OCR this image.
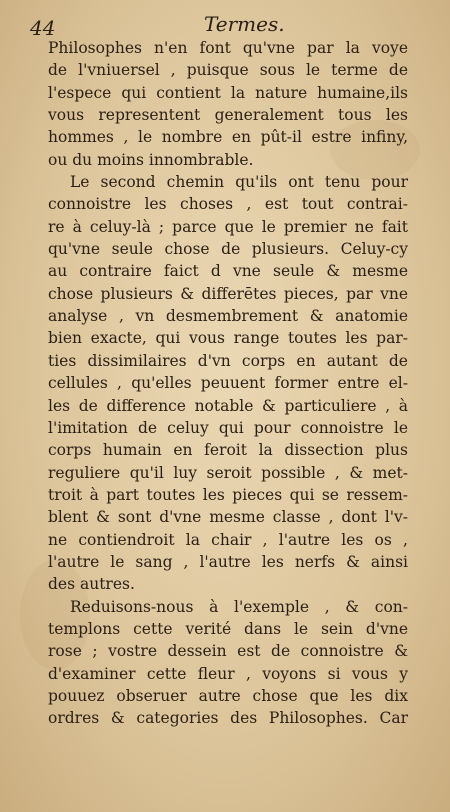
44	Termes.
Philosophes n'en font qu'vne par la voye
de l'vniuersel , puisque sous le terme de
l'espece qui contient la nature humaine,ils
vous representent generalement tous les
hommes , le nombre en pût-il estre infiny,
ou du moins innombrable.
Le second chemin qu'ils ont tenu pour
connoistre les choses , est tout contrai-
re à celuy-là ; parce que le premier ne fait
qu'vne seule chose de plusieurs. Celuy-cy
au contraire faict d vne seule & mesme
chose plusieurs & differētes pieces, par vne
analyse , vn desmembrement & anatomie
bien exacte, qui vous range toutes les par-
ties dissimilaires d'vn corps en autant de
cellules , qu'elles peuuent former entre el-
les de difference notable & particuliere , à
l'imitation de celuy qui pour connoistre le
corps humain en feroit la dissection plus
reguliere qu'il luy seroit possible , & met-
troit à part toutes les pieces qui se ressem-
blent & sont d'vne mesme classe , dont l'v-
ne contiendroit la chair , l'autre les os ,
l'autre le sang , l'autre les nerfs & ainsi
des autres.
Reduisons-nous à l'exemple , & con-
templons cette verité dans le sein d'vne
rose ; vostre dessein est de connoistre &
d'examiner cette fleur , voyons si vous y
pouuez obseruer autre chose que les dix
ordres & categories des Philosophes. Car
